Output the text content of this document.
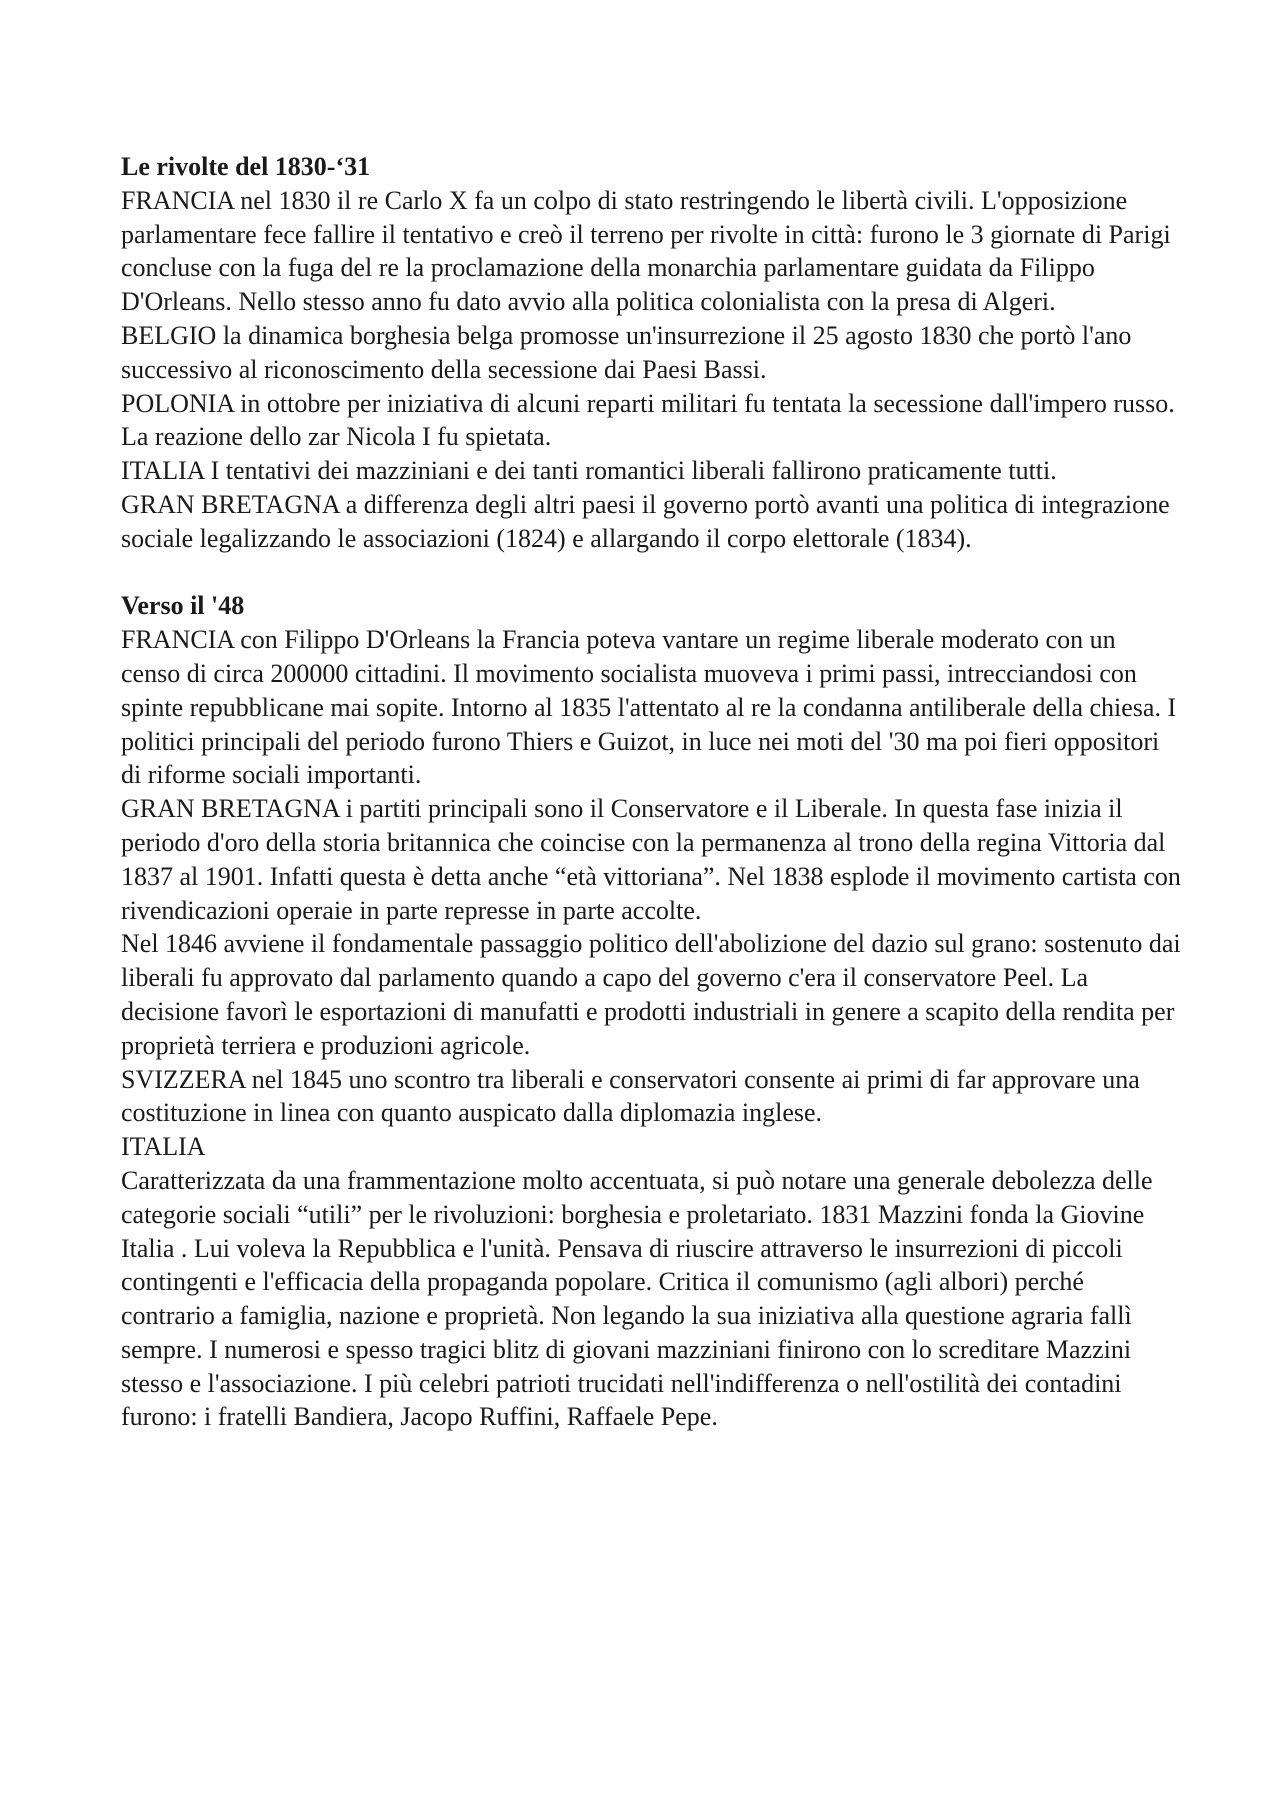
Le rivolte del 1830-‘31

FRANCIA nel 1830 il re Carlo X fa un colpo di stato restringendo le libertà civili. L'opposizione parlamentare fece fallire il tentativo e creò il terreno per rivolte in città: furono le 3 giornate di Parigi concluse con la fuga del re la proclamazione della monarchia parlamentare guidata da Filippo D'Orleans. Nello stesso anno fu dato avvio alla politica colonialista con la presa di Algeri.

BELGIO la dinamica borghesia belga promosse un'insurrezione il 25 agosto 1830 che portò l'ano successivo al riconoscimento della secessione dai Paesi Bassi.

POLONIA in ottobre per iniziativa di alcuni reparti militari fu tentata la secessione dall'impero russo. La reazione dello zar Nicola I fu spietata.

ITALIA I tentativi dei mazziniani e dei tanti romantici liberali fallirono praticamente tutti.

GRAN BRETAGNA a differenza degli altri paesi il governo portò avanti una politica di integrazione sociale legalizzando le associazioni (1824) e allargando il corpo elettorale (1834).

Verso il '48

FRANCIA con Filippo D'Orleans la Francia poteva vantare un regime liberale moderato con un censo di circa 200000 cittadini. Il movimento socialista muoveva i primi passi, intrecciandosi con spinte repubblicane mai sopite. Intorno al 1835 l'attentato al re la condanna antiliberale della chiesa. I politici principali del periodo furono Thiers e Guizot, in luce nei moti del '30 ma poi fieri oppositori di riforme sociali importanti.

GRAN BRETAGNA i partiti principali sono il Conservatore e il Liberale. In questa fase inizia il periodo d'oro della storia britannica che coincise con la permanenza al trono della regina Vittoria dal 1837 al 1901. Infatti questa è detta anche “età vittoriana”. Nel 1838 esplode il movimento cartista con rivendicazioni operaie in parte represse in parte accolte.

Nel 1846 avviene il fondamentale passaggio politico dell'abolizione del dazio sul grano: sostenuto dai liberali fu approvato dal parlamento quando a capo del governo c'era il conservatore Peel. La decisione favorì le esportazioni di manufatti e prodotti industriali in genere a scapito della rendita per proprietà terriera e produzioni agricole.

SVIZZERA nel 1845 uno scontro tra liberali e conservatori consente ai primi di far approvare una costituzione in linea con quanto auspicato dalla diplomazia inglese.

ITALIA

Caratterizzata da una frammentazione molto accentuata, si può notare una generale debolezza delle categorie sociali “utili” per le rivoluzioni: borghesia e proletariato. 1831 Mazzini fonda la Giovine Italia . Lui voleva la Repubblica e l'unità. Pensava di riuscire attraverso le insurrezioni di piccoli contingenti e l'efficacia della propaganda popolare. Critica il comunismo (agli albori) perché contrario a famiglia, nazione e proprietà. Non legando la sua iniziativa alla questione agraria fallì sempre. I numerosi e spesso tragici blitz di giovani mazziniani finirono con lo screditare Mazzini stesso e l'associazione. I più celebri patrioti trucidati nell'indifferenza o nell'ostilità dei contadini furono: i fratelli Bandiera, Jacopo Ruffini, Raffaele Pepe.
